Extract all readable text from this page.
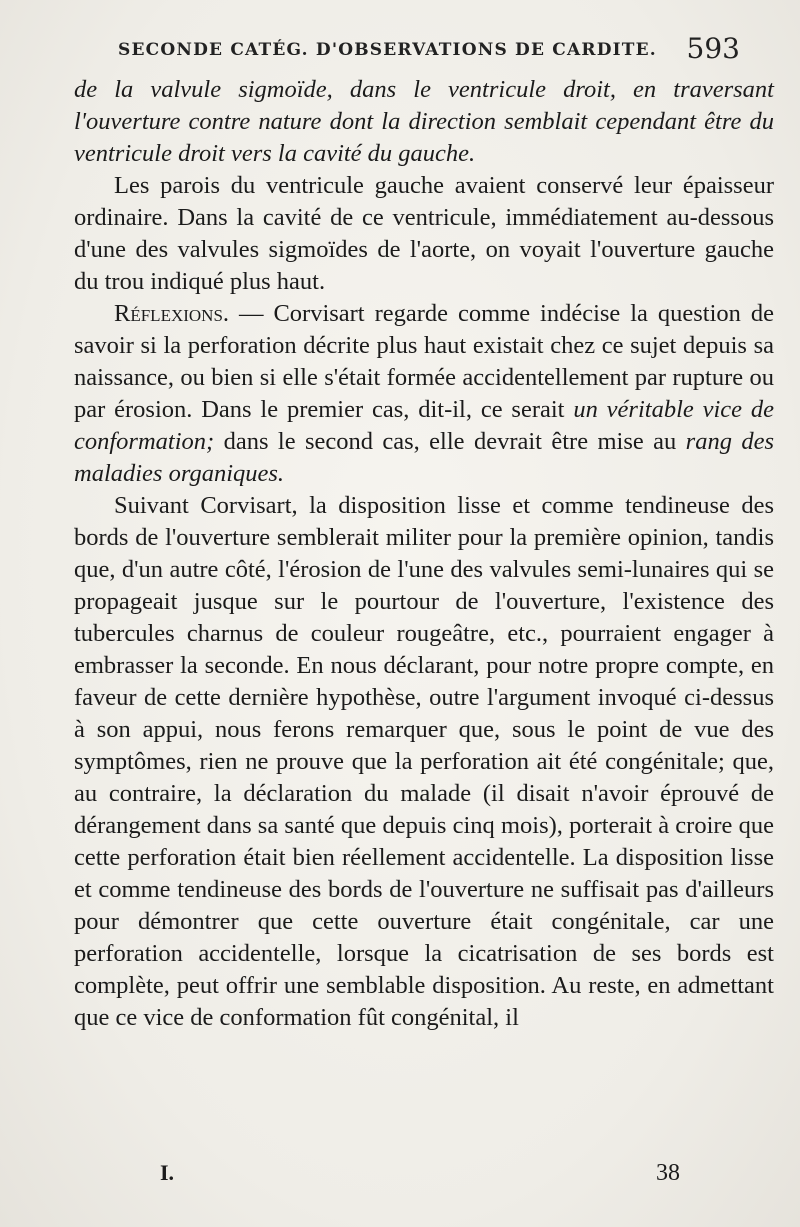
SECONDE CATÉG. D'OBSERVATIONS DE CARDITE. 593

de la valvule sigmoïde, dans le ventricule droit, en traversant l'ouverture contre nature dont la direction semblait cependant être du ventricule droit vers la cavité du gauche.

Les parois du ventricule gauche avaient conservé leur épaisseur ordinaire. Dans la cavité de ce ventricule, immédiatement au-dessous d'une des valvules sigmoïdes de l'aorte, on voyait l'ouverture gauche du trou indiqué plus haut.

Réflexions. — Corvisart regarde comme indécise la question de savoir si la perforation décrite plus haut existait chez ce sujet depuis sa naissance, ou bien si elle s'était formée accidentellement par rupture ou par érosion. Dans le premier cas, dit-il, ce serait un véritable vice de conformation; dans le second cas, elle devrait être mise au rang des maladies organiques.

Suivant Corvisart, la disposition lisse et comme tendineuse des bords de l'ouverture semblerait militer pour la première opinion, tandis que, d'un autre côté, l'érosion de l'une des valvules semi-lunaires qui se propageait jusque sur le pourtour de l'ouverture, l'existence des tubercules charnus de couleur rougeâtre, etc., pourraient engager à embrasser la seconde. En nous déclarant, pour notre propre compte, en faveur de cette dernière hypothèse, outre l'argument invoqué ci-dessus à son appui, nous ferons remarquer que, sous le point de vue des symptômes, rien ne prouve que la perforation ait été congénitale; que, au contraire, la déclaration du malade (il disait n'avoir éprouvé de dérangement dans sa santé que depuis cinq mois), porterait à croire que cette perforation était bien réellement accidentelle. La disposition lisse et comme tendineuse des bords de l'ouverture ne suffisait pas d'ailleurs pour démontrer que cette ouverture était congénitale, car une perforation accidentelle, lorsque la cicatrisation de ses bords est complète, peut offrir une semblable disposition. Au reste, en admettant que ce vice de conformation fût congénital, il

I.	38
